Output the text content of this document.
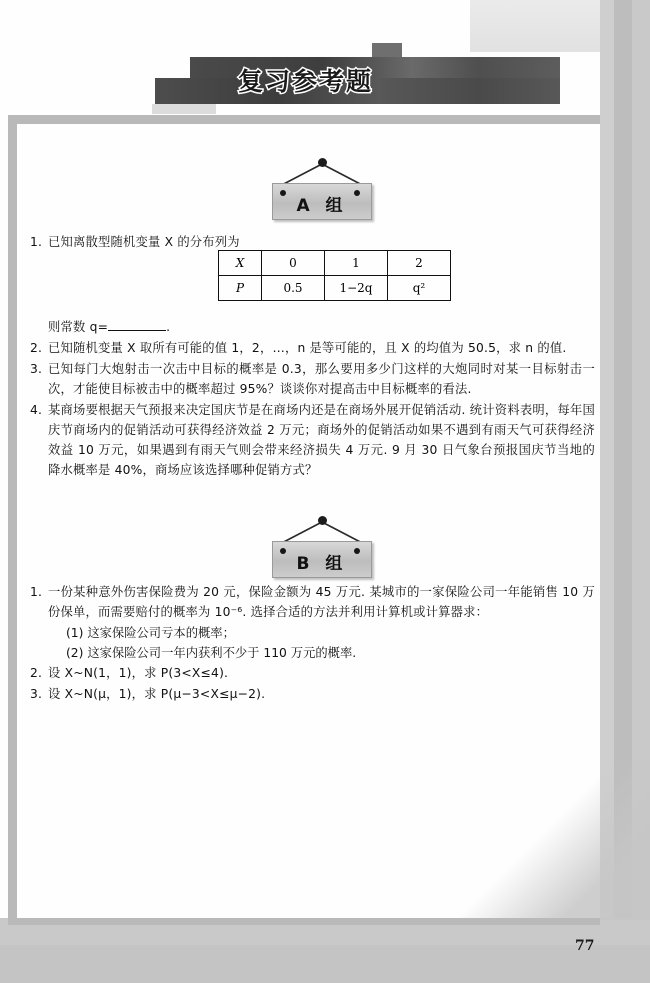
复习参考题
A 组
1. 已知离散型随机变量 X 的分布列为
则常数 q=	.
2. 已知随机变量 X 取所有可能的值 1，2，…，n 是等可能的，且 X 的均值为 50.5，求 n 的值.
3. 已知每门大炮射击一次击中目标的概率是 0.3，那么要用多少门这样的大炮同时对某一目标射击一次，才能使目标被击中的概率超过 95%？谈谈你对提高击中目标概率的看法.
4. 某商场要根据天气预报来决定国庆节是在商场内还是在商场外展开促销活动. 统计资料表明，每年国庆节商场内的促销活动可获得经济效益 2 万元；商场外的促销活动如果不遇到有雨天气可获得经济效益 10 万元，如果遇到有雨天气则会带来经济损失 4 万元. 9 月 30 日气象台预报国庆节当地的降水概率是 40%，商场应该选择哪种促销方式？
X	0	1	2
P	0.5	1−2q	q²
B 组
1. 一份某种意外伤害保险费为 20 元，保险金额为 45 万元. 某城市的一家保险公司一年能销售 10 万份保单，而需要赔付的概率为 10⁻⁶. 选择合适的方法并利用计算机或计算器求：
(1) 这家保险公司亏本的概率；
(2) 这家保险公司一年内获利不少于 110 万元的概率.
2. 设 X~N(1，1)，求 P(3<X≤4).
3. 设 X~N(μ，1)，求 P(μ−3<X≤μ−2).
77
